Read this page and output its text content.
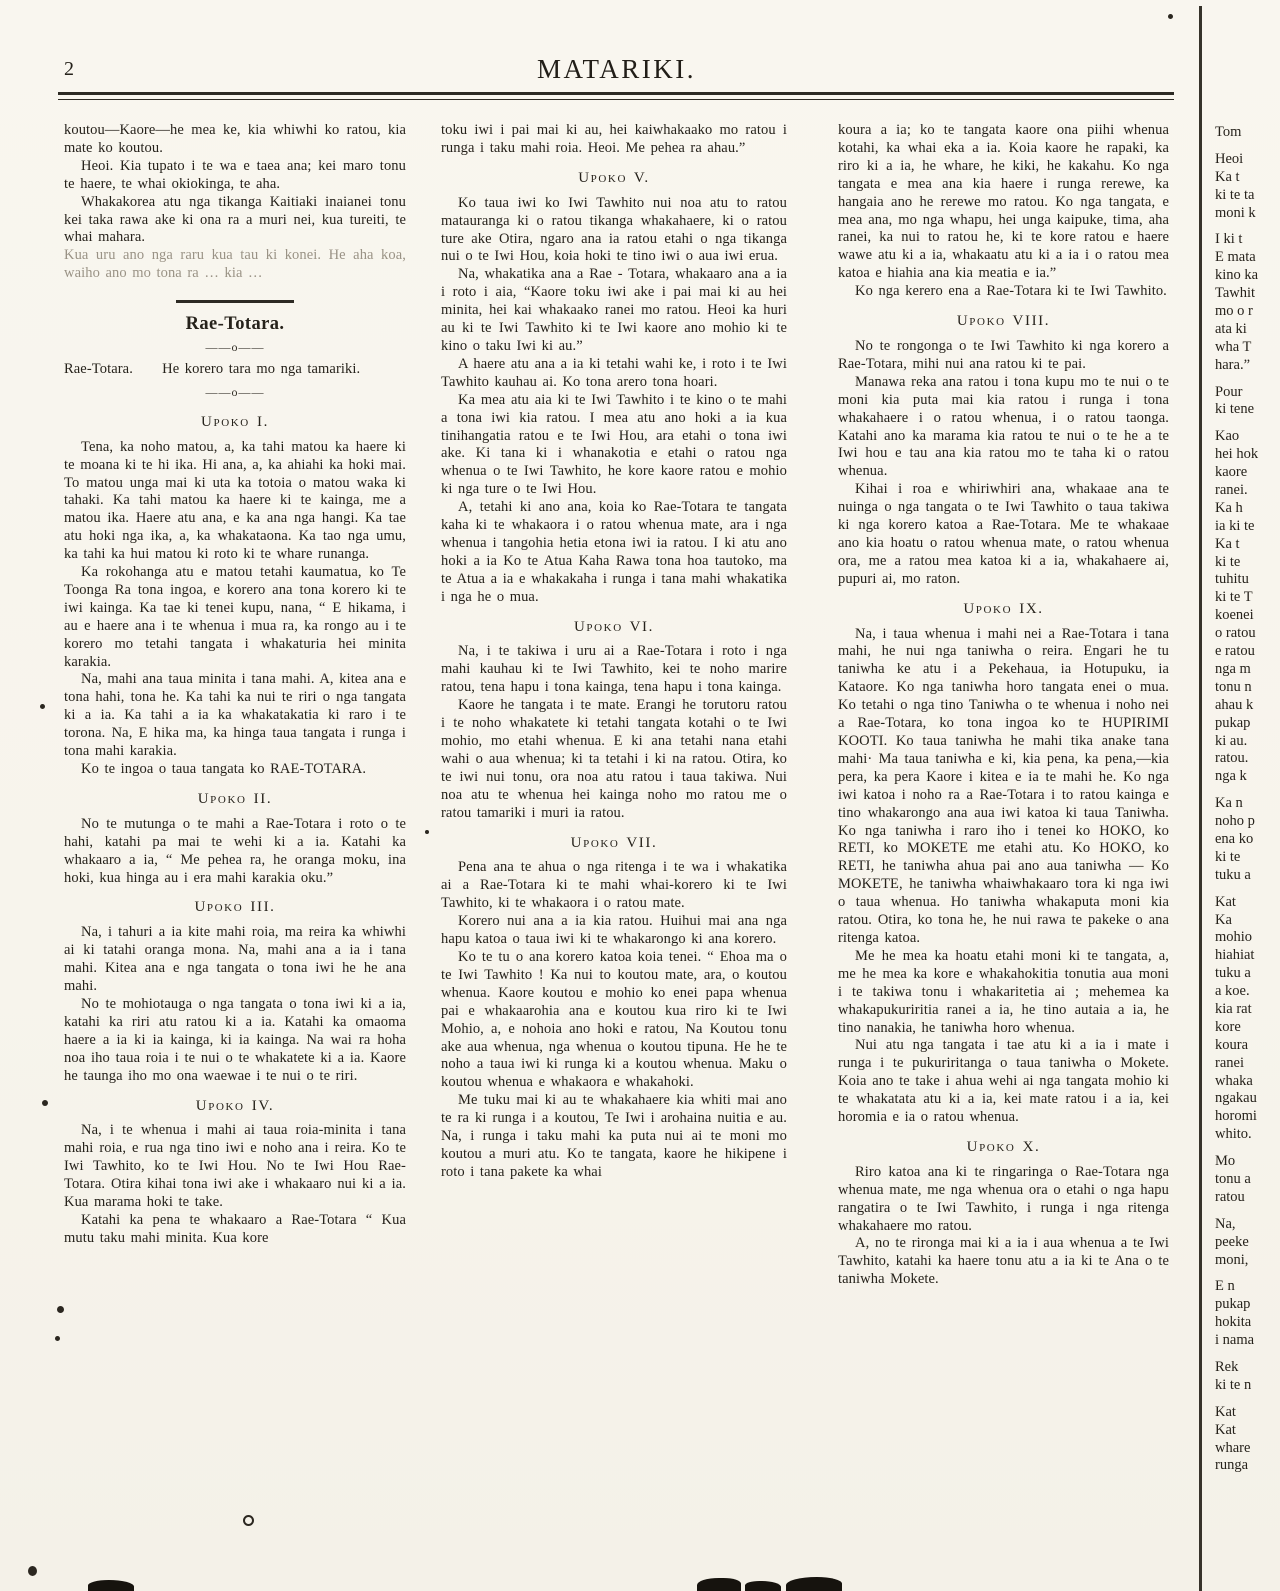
2	MATARIKI.

koutou—Kaore—he mea ke, kia whiwhi ko ratou, kia mate ko koutou.

Heoi. Kia tupato i te wa e taea ana; kei maro tonu te haere, te whai okiokinga, te aha.

Whakakorea atu nga tikanga Kaitiaki inaianei tonu kei taka rawa ake ki ona ra a muri nei, kua tureiti, te whai mahara.

Kua uru ano nga raru kua tau ki konei. He aha koa, waiho ano mo tona ra … kia …

Rae-Totara.
——o——

Rae-Totara.  He korero tara mo nga tamariki.

——o——
Upoko I.

Tena, ka noho matou, a, ka tahi matou ka haere ki te moana ki te hi ika. Hi ana, a, ka ahiahi ka hoki mai. To matou unga mai ki uta ka totoia o matou waka ki tahaki. Ka tahi matou ka haere ki te kainga, me a matou ika. Haere atu ana, e ka ana nga hangi. Ka tae atu hoki nga ika, a, ka whakataona. Ka tao nga umu, ka tahi ka hui matou ki roto ki te whare runanga.

Ka rokohanga atu e matou tetahi kaumatua, ko Te Toonga Ra tona ingoa, e korero ana tona korero ki te iwi kainga. Ka tae ki tenei kupu, nana, “ E hikama, i au e haere ana i te whenua i mua ra, ka rongo au i te korero mo tetahi tangata i whakaturia hei minita karakia.

Na, mahi ana taua minita i tana mahi. A, kitea ana e tona hahi, tona he. Ka tahi ka nui te riri o nga tangata ki a ia. Ka tahi a ia ka whakatakatia ki raro i te torona. Na, E hika ma, ka hinga taua tangata i runga i tona mahi karakia.

Ko te ingoa o taua tangata ko RAE-TOTARA.

Upoko II.

No te mutunga o te mahi a Rae-Totara i roto o te hahi, katahi pa mai te wehi ki a ia. Katahi ka whakaaro a ia, “ Me pehea ra, he oranga moku, ina hoki, kua hinga au i era mahi karakia oku.”

Upoko III.

Na, i tahuri a ia kite mahi roia, ma reira ka whiwhi ai ki tatahi oranga mona. Na, mahi ana a ia i tana mahi. Kitea ana e nga tangata o tona iwi he he ana mahi.

No te mohiotauga o nga tangata o tona iwi ki a ia, katahi ka riri atu ratou ki a ia. Katahi ka omaoma haere a ia ki ia kainga, ki ia kainga. Na wai ra hoha noa iho taua roia i te nui o te whakatete ki a ia. Kaore he taunga iho mo ona waewae i te nui o te riri.

Upoko IV.

Na, i te whenua i mahi ai taua roia-minita i tana mahi roia, e rua nga tino iwi e noho ana i reira. Ko te Iwi Tawhito, ko te Iwi Hou. No te Iwi Hou Rae-Totara. Otira kihai tona iwi ake i whakaaro nui ki a ia. Kua marama hoki te take.

Katahi ka pena te whakaaro a Rae-Totara “ Kua mutu taku mahi minita. Kua kore

toku iwi i pai mai ki au, hei kaiwhakaako mo ratou i runga i taku mahi roia. Heoi. Me pehea ra ahau.”

Upoko V.

Ko taua iwi ko Iwi Tawhito nui noa atu to ratou matauranga ki o ratou tikanga whakahaere, ki o ratou ture ake Otira, ngaro ana ia ratou etahi o nga tikanga nui o te Iwi Hou, koia hoki te tino iwi o aua iwi erua.

Na, whakatika ana a Rae - Totara, whakaaro ana a ia i roto i aia, “Kaore toku iwi ake i pai mai ki au hei minita, hei kai whakaako ranei mo ratou. Heoi ka huri au ki te Iwi Tawhito ki te Iwi kaore ano mohio ki te kino o taku Iwi ki au.”

A haere atu ana a ia ki tetahi wahi ke, i roto i te Iwi Tawhito kauhau ai. Ko tona arero tona hoari.

Ka mea atu aia ki te Iwi Tawhito i te kino o te mahi a tona iwi kia ratou. I mea atu ano hoki a ia kua tinihangatia ratou e te Iwi Hou, ara etahi o tona iwi ake. Ki tana ki i whanakotia e etahi o ratou nga whenua o te Iwi Tawhito, he kore kaore ratou e mohio ki nga ture o te Iwi Hou.

A, tetahi ki ano ana, koia ko Rae-Totara te tangata kaha ki te whakaora i o ratou whenua mate, ara i nga whenua i tangohia hetia etona iwi ia ratou. I ki atu ano hoki a ia Ko te Atua Kaha Rawa tona hoa tautoko, ma te Atua a ia e whakakaha i runga i tana mahi whakatika i nga he o mua.

Upoko VI.

Na, i te takiwa i uru ai a Rae-Totara i roto i nga mahi kauhau ki te Iwi Tawhito, kei te noho marire ratou, tena hapu i tona kainga, tena hapu i tona kainga.

Kaore he tangata i te mate. Erangi he torutoru ratou i te noho whakatete ki tetahi tangata kotahi o te Iwi mohio, mo etahi whenua. E ki ana tetahi nana etahi wahi o aua whenua; ki ta tetahi i ki na ratou. Otira, ko te iwi nui tonu, ora noa atu ratou i taua takiwa. Nui noa atu te whenua hei kainga noho mo ratou me o ratou tamariki i muri ia ratou.

Upoko VII.

Pena ana te ahua o nga ritenga i te wa i whakatika ai a Rae-Totara ki te mahi whai-korero ki te Iwi Tawhito, ki te whakaora i o ratou mate.

Korero nui ana a ia kia ratou. Huihui mai ana nga hapu katoa o taua iwi ki te whakarongo ki ana korero.

Ko te tu o ana korero katoa koia tenei. “ Ehoa ma o te Iwi Tawhito ! Ka nui to koutou mate, ara, o koutou whenua. Kaore koutou e mohio ko enei papa whenua pai e whakaarohia ana e koutou kua riro ki te Iwi Mohio, a, e nohoia ano hoki e ratou, Na Koutou tonu ake aua whenua, nga whenua o koutou tipuna. He he te noho a taua iwi ki runga ki a koutou whenua. Maku o koutou whenua e whakaora e whakahoki.

Me tuku mai ki au te whakahaere kia whiti mai ano te ra ki runga i a koutou, Te Iwi i arohaina nuitia e au. Na, i runga i taku mahi ka puta nui ai te moni mo koutou a muri atu. Ko te tangata, kaore he hikipene i roto i tana pakete ka whai

koura a ia; ko te tangata kaore ona piihi whenua kotahi, ka whai eka a ia. Koia kaore he rapaki, ka riro ki a ia, he whare, he kiki, he kakahu. Ko nga tangata e mea ana kia haere i runga rerewe, ka hangaia ano he rerewe mo ratou. Ko nga tangata, e mea ana, mo nga whapu, hei unga kaipuke, tima, aha ranei, ka nui to ratou he, ki te kore ratou e haere wawe atu ki a ia, whakaatu atu ki a ia i o ratou mea katoa e hiahia ana kia meatia e ia.”

Ko nga kerero ena a Rae-Totara ki te Iwi Tawhito.

Upoko VIII.

No te rongonga o te Iwi Tawhito ki nga korero a Rae-Totara, mihi nui ana ratou ki te pai.

Manawa reka ana ratou i tona kupu mo te nui o te moni kia puta mai kia ratou i runga i tona whakahaere i o ratou whenua, i o ratou taonga. Katahi ano ka marama kia ratou te nui o te he a te Iwi hou e tau ana kia ratou mo te taha ki o ratou whenua.

Kihai i roa e whiriwhiri ana, whakaae ana te nuinga o nga tangata o te Iwi Tawhito o taua takiwa ki nga korero katoa a Rae-Totara. Me te whakaae ano kia hoatu o ratou whenua mate, o ratou whenua ora, me a ratou mea katoa ki a ia, whakahaere ai, pupuri ai, mo raton.

Upoko IX.

Na, i taua whenua i mahi nei a Rae-Totara i tana mahi, he nui nga taniwha o reira. Engari he tu taniwha ke atu i a Pekehaua, ia Hotupuku, ia Kataore. Ko nga taniwha horo tangata enei o mua. Ko tetahi o nga tino Taniwha o te whenua i noho nei a Rae-Totara, ko tona ingoa ko te HUPIRIMI KOOTI. Ko taua taniwha he mahi tika anake tana mahi· Ma taua taniwha e ki, kia pena, ka pena,—kia pera, ka pera Kaore i kitea e ia te mahi he. Ko nga iwi katoa i noho ra a Rae-Totara i to ratou kainga e tino whakarongo ana aua iwi katoa ki taua Taniwha. Ko nga taniwha i raro iho i tenei ko HOKO, ko RETI, ko MOKETE me etahi atu. Ko HOKO, ko RETI, he taniwha ahua pai ano aua taniwha — Ko MOKETE, he taniwha whaiwhakaaro tora ki nga iwi o taua whenua. Ho taniwha whakaputa moni kia ratou. Otira, ko tona he, he nui rawa te pakeke o ana ritenga katoa.

Me he mea ka hoatu etahi moni ki te tangata, a, me he mea ka kore e whakahokitia tonutia aua moni i te takiwa tonu i whakaritetia ai ; mehemea ka whakapukuriritia ranei a ia, he tino autaia a ia, he tino nanakia, he taniwha horo whenua.

Nui atu nga tangata i tae atu ki a ia i mate i runga i te pukuriritanga o taua taniwha o Mokete. Koia ano te take i ahua wehi ai nga tangata mohio ki te whakatata atu ki a ia, kei mate ratou i a ia, kei horomia e ia o ratou whenua.

Upoko X.

Riro katoa ana ki te ringaringa o Rae-Totara nga whenua mate, me nga whenua ora o etahi o nga hapu rangatira o te Iwi Tawhito, i runga i nga ritenga whakahaere mo ratou.

A, no te rironga mai ki a ia i aua whenua a te Iwi Tawhito, katahi ka haere tonu atu a ia ki te Ana o te taniwha Mokete.

Tom
Heoi
Ka t
ki te ta
moni k
I ki t
E mata
kino ka
Tawhit
mo o r
ata ki
wha T
hara.”
Pour
ki tene
Kao
hei hok
kaore
ranei.
Ka h
ia ki te
Ka t
ki te
tuhitu
ki te T
koenei
o ratou
e ratou
nga m
tonu n
ahau k
pukap
ki au.
ratou.
nga k
Ka n
noho p
ena ko
ki te
tuku a
Kat
Ka
mohio
hiahiat
tuku a
a koe.
kia rat
kore
koura
ranei
whaka
ngakau
horomi
whito.
Mo
tonu a
ratou
Na,
peeke
moni,
E n
pukap
hokita
i nama
Rek
ki te n
Kat
Kat
whare
runga
